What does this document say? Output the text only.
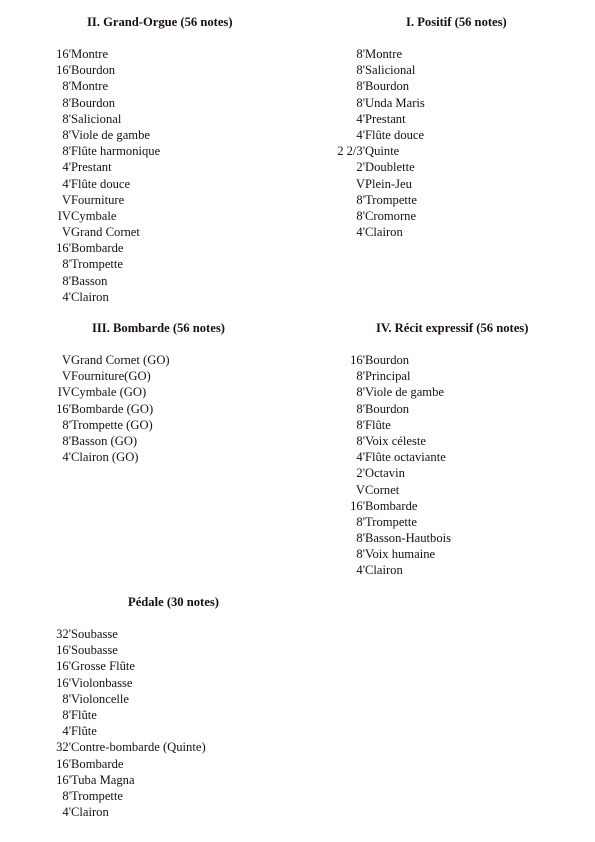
II. Grand-Orgue (56 notes)
Montre
16'
Bourdon
16'
Montre
8'
Bourdon
8'
Salicional
8'
Viole de gambe
8'
Flûte harmonique
8'
Prestant
4'
Flûte douce
4'
Fourniture
V
Cymbale
IV
Grand Cornet
V
Bombarde
16'
Trompette
8'
Basson
8'
Clairon
4'
I. Positif (56 notes)
Montre
8'
Salicional
8'
Bourdon
8'
Unda Maris
8'
Prestant
4'
Flûte douce
4'
Quinte
2 2/3'
Doublette
2'
Plein-Jeu
V
Trompette
8'
Cromorne
8'
Clairon
4'
III. Bombarde (56 notes)
Grand Cornet (GO)
V
Fourniture(GO)
V
Cymbale (GO)
IV
Bombarde (GO)
16'
Trompette (GO)
8'
Basson (GO)
8'
Clairon (GO)
4'
IV. Récit expressif (56 notes)
Bourdon
16'
Principal
8'
Viole de gambe
8'
Bourdon
8'
Flûte
8'
Voix céleste
8'
Flûte octaviante
4'
Octavin
2'
Cornet
V
Bombarde
16'
Trompette
8'
Basson-Hautbois
8'
Voix humaine
8'
Clairon
4'
Pédale (30 notes)
Soubasse
32'
Soubasse
16'
Grosse Flûte
16'
Violonbasse
16'
Violoncelle
8'
Flûte
8'
Flûte
4'
Contre-bombarde (Quinte)
32'
Bombarde
16'
Tuba Magna
16'
Trompette
8'
Clairon
4'
